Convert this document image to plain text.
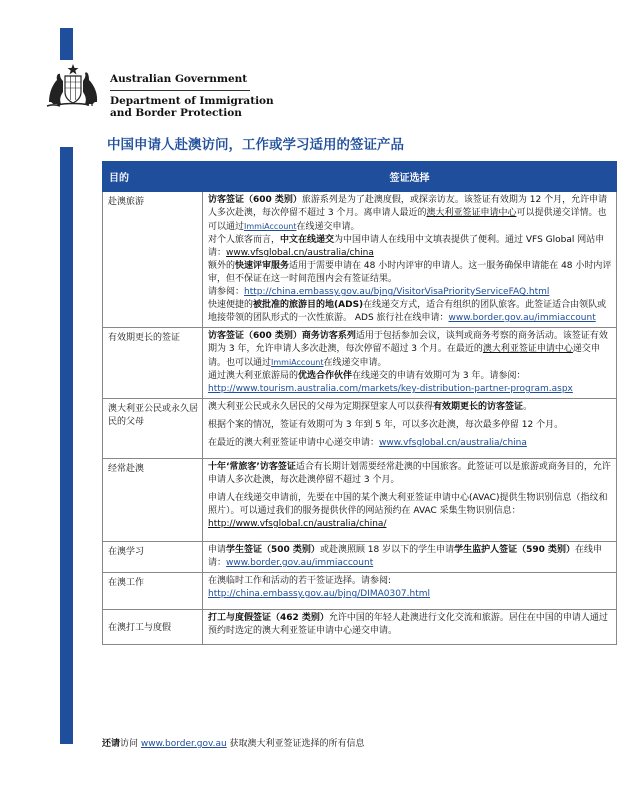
Australian Government
Department of Immigration
and Border Protection
中国申请人赴澳访问，工作或学习适用的签证产品
目的	签证选择
赴澳旅游	访客签证（600 类别）旅游系列是为了赴澳度假，或探亲访友。该签证有效期为 12 个月，允许申请人多次赴澳，每次停留不超过 3 个月。离申请人最近的澳大利亚签证申请中心可以提供递交详情。也可以通过ImmiAccount在线递交申请。

对个人旅客而言，中文在线递交为中国申请人在线用中文填表提供了便利。通过 VFS Global 网站申请：www.vfsglobal.cn/australia/china

额外的快速评审服务适用于需要申请在 48 小时内评审的申请人。这一服务确保申请能在 48 小时内评审，但不保证在这一时间范围内会有签证结果。

请参阅：http://china.embassy.gov.au/bjng/VisitorVisaPriorityServiceFAQ.html

快速便捷的被批准的旅游目的地(ADS)在线递交方式，适合有组织的团队旅客。此签证适合由领队或地接带领的团队形式的一次性旅游。 ADS 旅行社在线申请：www.border.gov.au/immiaccount

有效期更长的签证	访客签证（600 类别）商务访客系列适用于包括参加会议，谈判或商务考察的商务活动。该签证有效期为 3 年，允许申请人多次赴澳，每次停留不超过 3 个月。在最近的澳大利亚签证申请中心递交申请。也可以通过ImmiAccount在线递交申请。

通过澳大利亚旅游局的优选合作伙伴在线递交的申请有效期可为 3 年。请参阅：
http://www.tourism.australia.com/markets/key-distribution-partner-program.aspx

澳大利亚公民或永久居民的父母	澳大利亚公民或永久居民的父母为定期探望家人可以获得有效期更长的访客签证。

根据个案的情况，签证有效期可为 3 年到 5 年，可以多次赴澳，每次最多停留 12 个月。

在最近的澳大利亚签证申请中心递交申请：www.vfsglobal.cn/australia/china

经常赴澳	十年‘常旅客’访客签证适合有长期计划需要经常赴澳的中国旅客。此签证可以是旅游或商务目的，允许申请人多次赴澳，每次赴澳停留不超过 3 个月。

申请人在线递交申请前，先要在中国的某个澳大利亚签证申请中心(AVAC)提供生物识别信息（指纹和照片）。可以通过我们的服务提供伙伴的网站预约在 AVAC 采集生物识别信息：http://www.vfsglobal.cn/australia/china/

在澳学习	申请学生签证（500 类别）或赴澳照顾 18 岁以下的学生申请学生监护人签证（590 类别）在线申请：www.border.gov.au/immiaccount

在澳工作	在澳临时工作和活动的若干签证选择。请参阅:
http://china.embassy.gov.au/bjng/DIMA0307.html

在澳打工与度假	打工与度假签证（462 类别）允许中国的年轻人赴澳进行文化交流和旅游。居住在中国的申请人通过预约时选定的澳大利亚签证申请中心递交申请。

还请访问 www.border.gov.au 获取澳大利亚签证选择的所有信息
